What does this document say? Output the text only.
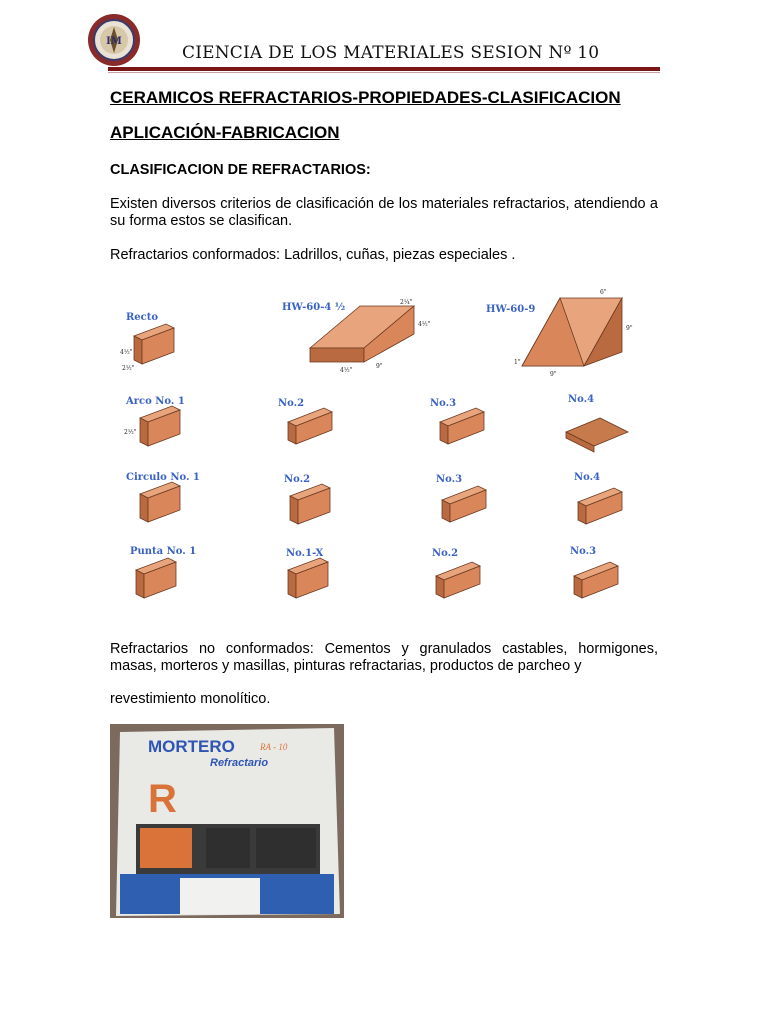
IM
CIENCIA DE LOS MATERIALES SESION Nº 10
CERAMICOS REFRACTARIOS-PROPIEDADES-CLASIFICACION
APLICACIÓN-FABRICACION
CLASIFICACION DE REFRACTARIOS:
Existen diversos criterios de clasificación de los materiales refractarios, atendiendo a su forma estos se clasifican.
Refractarios conformados: Ladrillos, cuñas, piezas especiales .
Recto
4½"
2½"
HW-60-4 ½	2¼"
4½"
4½"
9"
HW-60-9
6"
9"
9"
1"
Arco No. 1
2½"
No.2	No.3	No.4
Circulo No. 1	No.2	No.3	No.4
Punta No. 1	No.1-X	No.2	No.3
Refractarios no conformados: Cementos y granulados castables, hormigones, masas, morteros y masillas, pinturas refractarias, productos de parcheo y
revestimiento monolítico.
MORTERO	RA - 10
Refractario
R
